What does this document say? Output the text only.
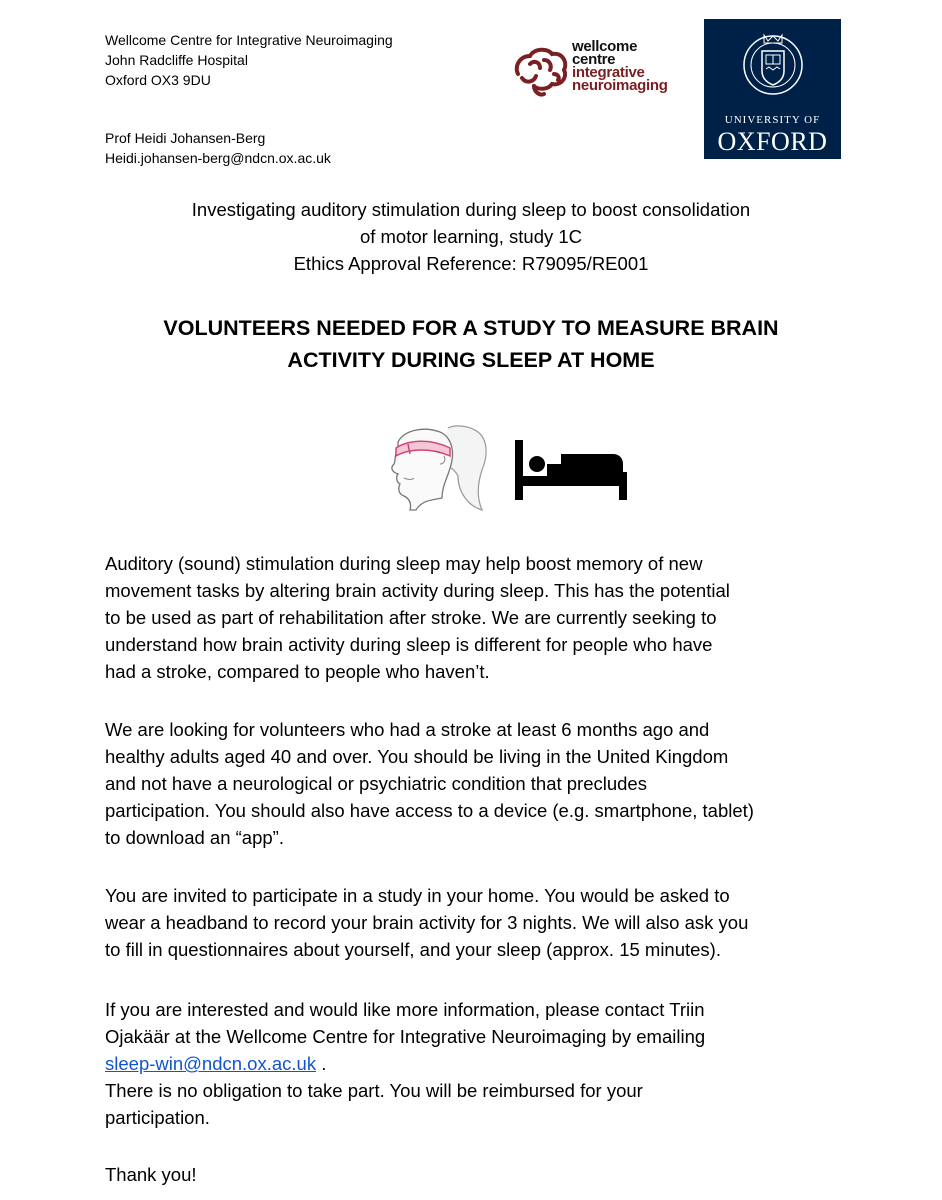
Wellcome Centre for Integrative Neuroimaging
John Radcliffe Hospital
Oxford OX3 9DU
Prof Heidi Johansen-Berg
Heidi.johansen-berg@ndcn.ox.ac.uk
wellcome
centre
integrative
neuroimaging
UNIVERSITY OF
OXFORD
Investigating auditory stimulation during sleep to boost consolidation
of motor learning, study 1C
Ethics Approval Reference: R79095/RE001
VOLUNTEERS NEEDED FOR A STUDY TO MEASURE BRAIN
ACTIVITY DURING SLEEP AT HOME
Auditory (sound) stimulation during sleep may help boost memory of new
movement tasks by altering brain activity during sleep. This has the potential
to be used as part of rehabilitation after stroke. We are currently seeking to
understand how brain activity during sleep is different for people who have
had a stroke, compared to people who haven’t.
We are looking for volunteers who had a stroke at least 6 months ago and
healthy adults aged 40 and over. You should be living in the United Kingdom
and not have a neurological or psychiatric condition that precludes
participation. You should also have access to a device (e.g. smartphone, tablet)
to download an “app”.
You are invited to participate in a study in your home. You would be asked to
wear a headband to record your brain activity for 3 nights. We will also ask you
to fill in questionnaires about yourself, and your sleep (approx. 15 minutes).
If you are interested and would like more information, please contact Triin
Ojakäär at the Wellcome Centre for Integrative Neuroimaging by emailing
sleep-win@ndcn.ox.ac.uk .
There is no obligation to take part. You will be reimbursed for your
participation.
Thank you!
